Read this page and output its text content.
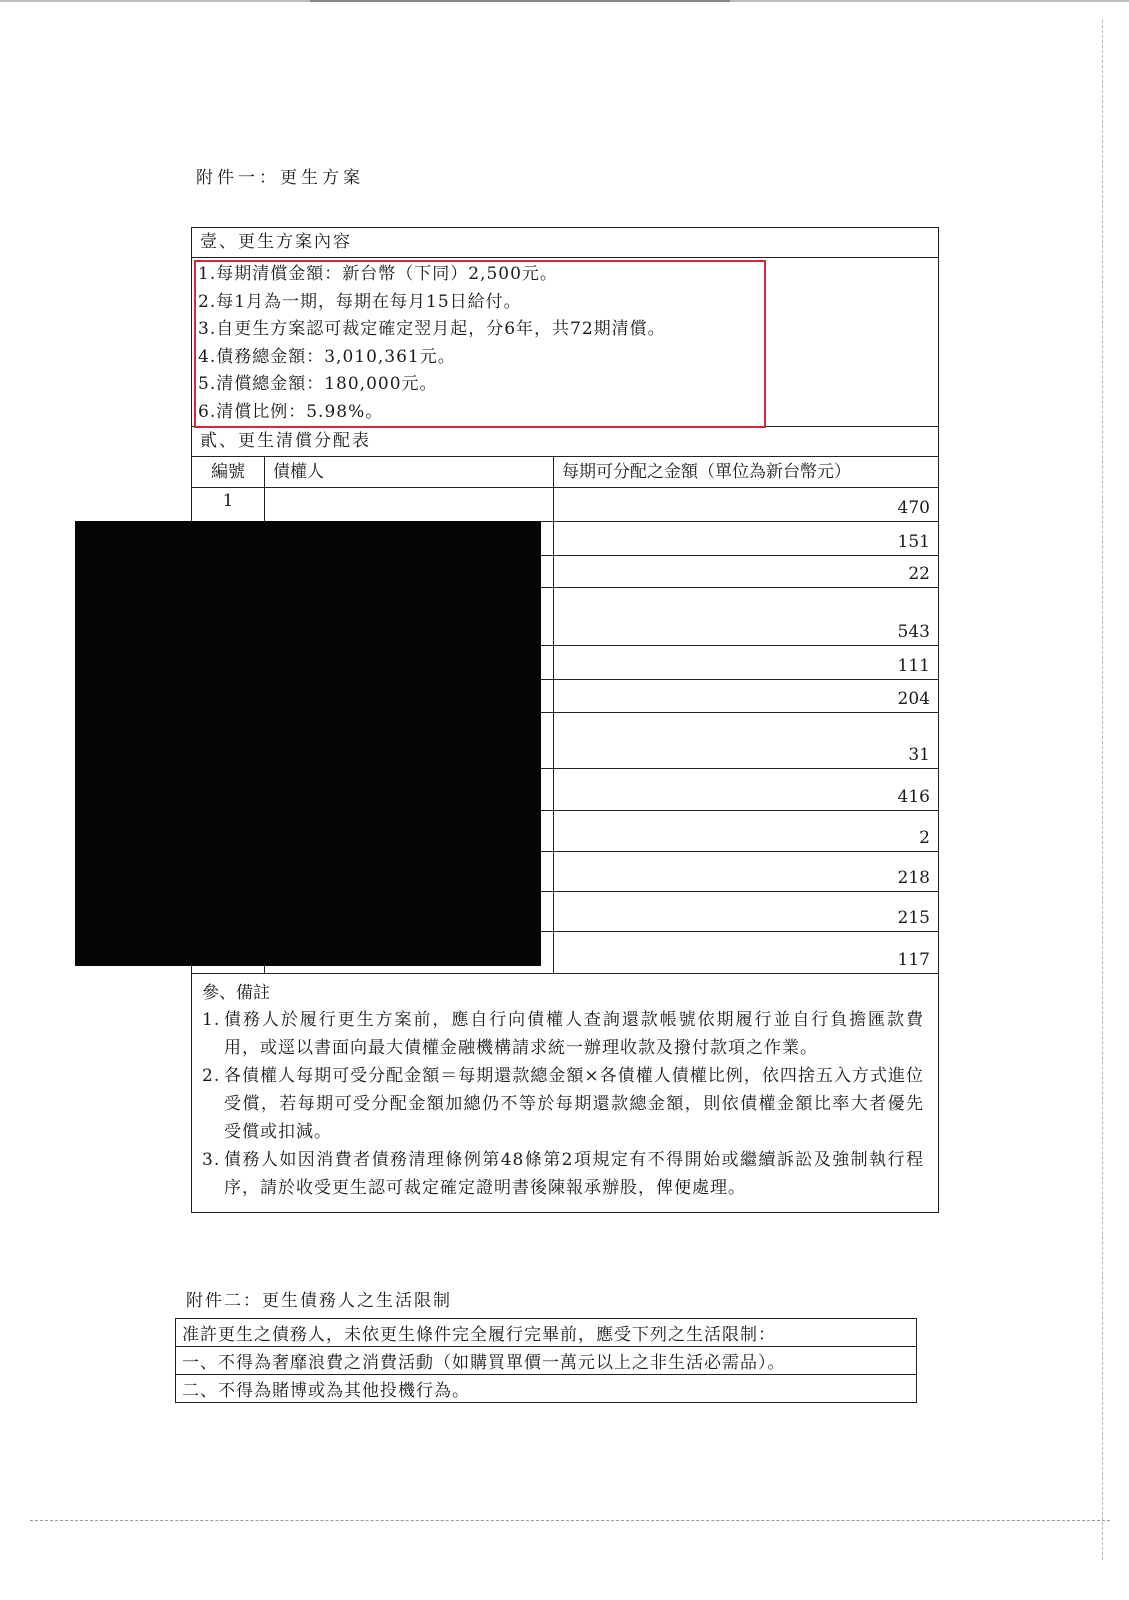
附件一：更生方案
壹、更生方案內容
1.每期清償金額：新台幣（下同）2,500元。
2.每1月為一期，每期在每月15日給付。
3.自更生方案認可裁定確定翌月起，分6年，共72期清償。
4.債務總金額：3,010,361元。
5.清償總金額：180,000元。
6.清償比例：5.98%。
貳、更生清償分配表
編號	債權人	每期可分配之金額（單位為新台幣元）
1		470
		151
		22
		543
		111
		204
		31
		416
		2
		218
		215
		117
參、備註
1. 債務人於履行更生方案前，應自行向債權人查詢還款帳號依期履行並自行負擔匯款費用，或逕以書面向最大債權金融機構請求統一辦理收款及撥付款項之作業。
2. 各債權人每期可受分配金額＝每期還款總金額×各債權人債權比例，依四捨五入方式進位受償，若每期可受分配金額加總仍不等於每期還款總金額，則依債權金額比率大者優先受償或扣減。
3. 債務人如因消費者債務清理條例第48條第2項規定有不得開始或繼續訴訟及強制執行程序，請於收受更生認可裁定確定證明書後陳報承辦股，俾便處理。
附件二：更生債務人之生活限制
准許更生之債務人，未依更生條件完全履行完畢前，應受下列之生活限制：
一、不得為奢靡浪費之消費活動（如購買單價一萬元以上之非生活必需品）。
二、不得為賭博或為其他投機行為。
